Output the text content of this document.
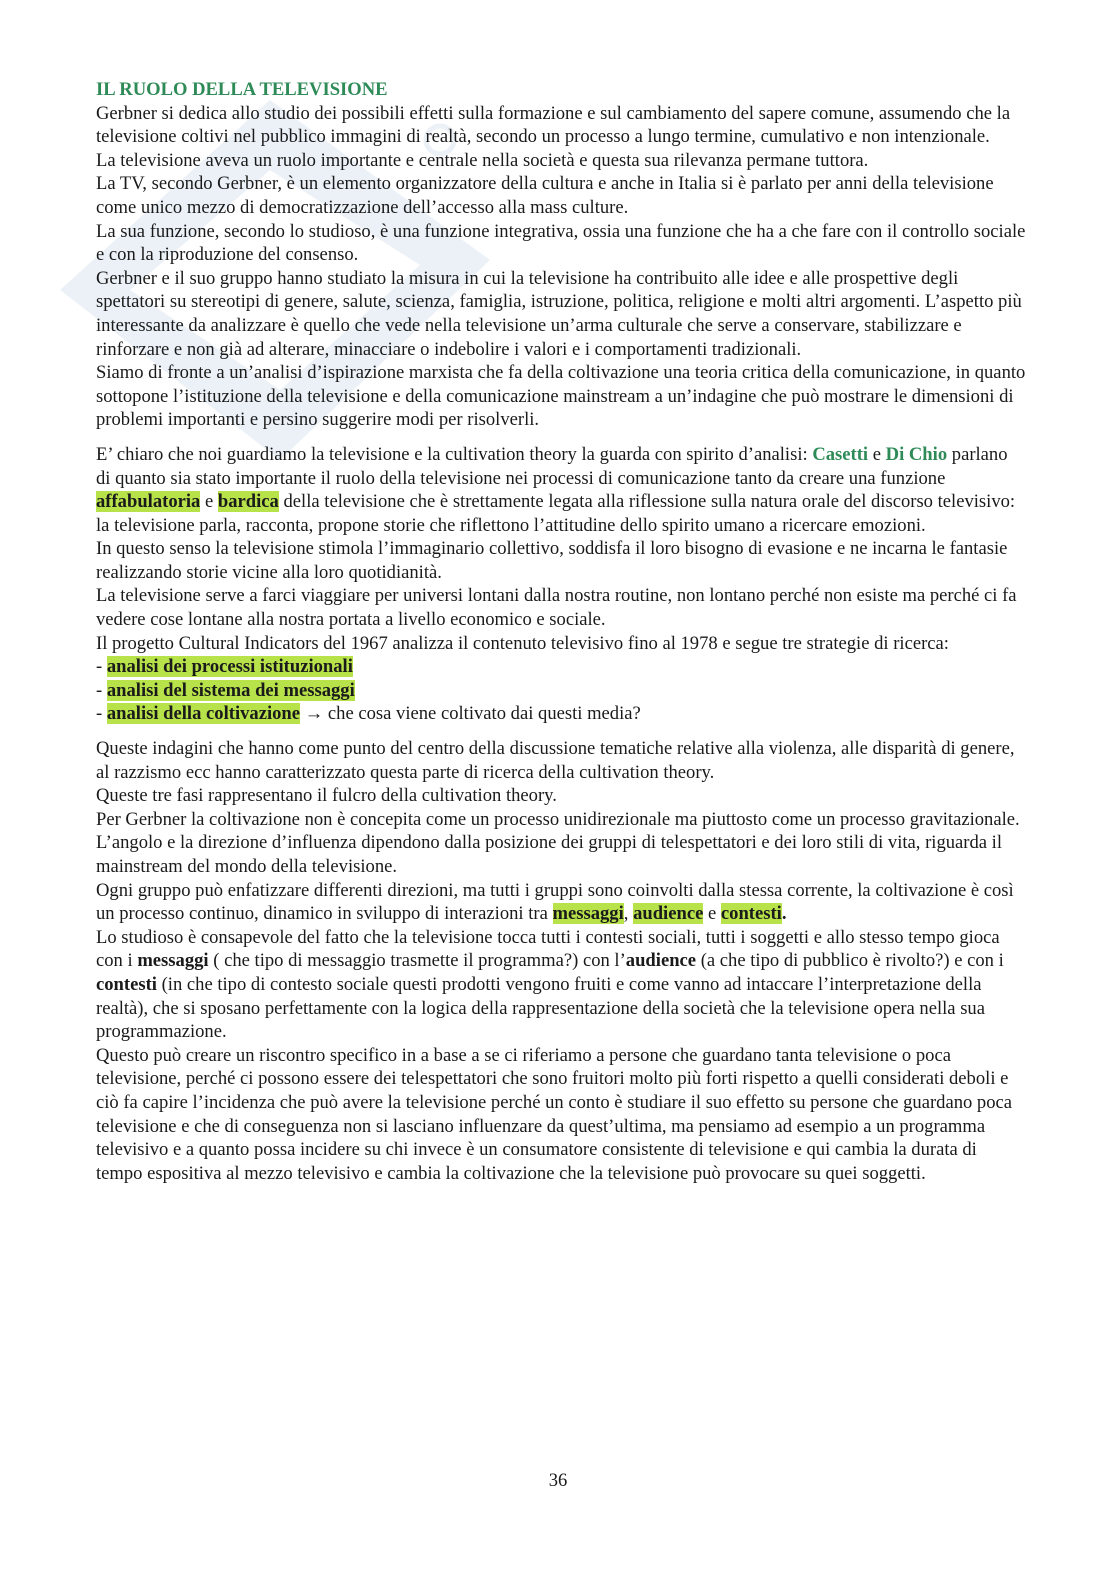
IL RUOLO DELLA TELEVISIONE

Gerbner si dedica allo studio dei possibili effetti sulla formazione e sul cambiamento del sapere comune, assumendo che la televisione coltivi nel pubblico immagini di realtà, secondo un processo a lungo termine, cumulativo e non intenzionale.

La televisione aveva un ruolo importante e centrale nella società e questa sua rilevanza permane tuttora.

La TV, secondo Gerbner, è un elemento organizzatore della cultura e anche in Italia si è parlato per anni della televisione come unico mezzo di democratizzazione dell’accesso alla mass culture.

La sua funzione, secondo lo studioso, è una funzione integrativa, ossia una funzione che ha a che fare con il controllo sociale e con la riproduzione del consenso.

Gerbner e il suo gruppo hanno studiato la misura in cui la televisione ha contribuito alle idee e alle prospettive degli spettatori su stereotipi di genere, salute, scienza, famiglia, istruzione, politica, religione e molti altri argomenti. L’aspetto più interessante da analizzare è quello che vede nella televisione un’arma culturale che serve a conservare, stabilizzare e rinforzare e non già ad alterare, minacciare o indebolire i valori e i comportamenti tradizionali.

Siamo di fronte a un’analisi d’ispirazione marxista che fa della coltivazione una teoria critica della comunicazione, in quanto sottopone l’istituzione della televisione e della comunicazione mainstream a un’indagine che può mostrare le dimensioni di problemi importanti e persino suggerire modi per risolverli.

E’ chiaro che noi guardiamo la televisione e la cultivation theory la guarda con spirito d’analisi: Casetti e Di Chio parlano di quanto sia stato importante il ruolo della televisione nei processi di comunicazione tanto da creare una funzione affabulatoria e bardica della televisione che è strettamente legata alla riflessione sulla natura orale del discorso televisivo: la televisione parla, racconta, propone storie che riflettono l’attitudine dello spirito umano a ricercare emozioni.

In questo senso la televisione stimola l’immaginario collettivo, soddisfa il loro bisogno di evasione e ne incarna le fantasie realizzando storie vicine alla loro quotidianità.

La televisione serve a farci viaggiare per universi lontani dalla nostra routine, non lontano perché non esiste ma perché ci fa vedere cose lontane alla nostra portata a livello economico e sociale.

Il progetto Cultural Indicators del 1967 analizza il contenuto televisivo fino al 1978 e segue tre strategie di ricerca:

- analisi dei processi istituzionali

- analisi del sistema dei messaggi

- analisi della coltivazione → che cosa viene coltivato dai questi media?

Queste indagini che hanno come punto del centro della discussione tematiche relative alla violenza, alle disparità di genere, al razzismo ecc hanno caratterizzato questa parte di ricerca della cultivation theory.

Queste tre fasi rappresentano il fulcro della cultivation theory.

Per Gerbner la coltivazione non è concepita come un processo unidirezionale ma piuttosto come un processo gravitazionale. L’angolo e la direzione d’influenza dipendono dalla posizione dei gruppi di telespettatori e dei loro stili di vita, riguarda il mainstream del mondo della televisione.

Ogni gruppo può enfatizzare differenti direzioni, ma tutti i gruppi sono coinvolti dalla stessa corrente, la coltivazione è così un processo continuo, dinamico in sviluppo di interazioni tra messaggi, audience e contesti.

Lo studioso è consapevole del fatto che la televisione tocca tutti i contesti sociali, tutti i soggetti e allo stesso tempo gioca con i messaggi ( che tipo di messaggio trasmette il programma?) con l’audience (a che tipo di pubblico è rivolto?) e con i contesti (in che tipo di contesto sociale questi prodotti vengono fruiti e come vanno ad intaccare l’interpretazione della realtà), che si sposano perfettamente con la logica della rappresentazione della società che la televisione opera nella sua programmazione.

Questo può creare un riscontro specifico in a base a se ci riferiamo a persone che guardano tanta televisione o poca televisione, perché ci possono essere dei telespettatori che sono fruitori molto più forti rispetto a quelli considerati deboli e ciò fa capire l’incidenza che può avere la televisione perché un conto è studiare il suo effetto su persone che guardano poca televisione e che di conseguenza non si lasciano influenzare da quest’ultima, ma pensiamo ad esempio a un programma televisivo e a quanto possa incidere su chi invece è un consumatore consistente di televisione e qui cambia la durata di tempo espositiva al mezzo televisivo e cambia la coltivazione che la televisione può provocare su quei soggetti.

36
